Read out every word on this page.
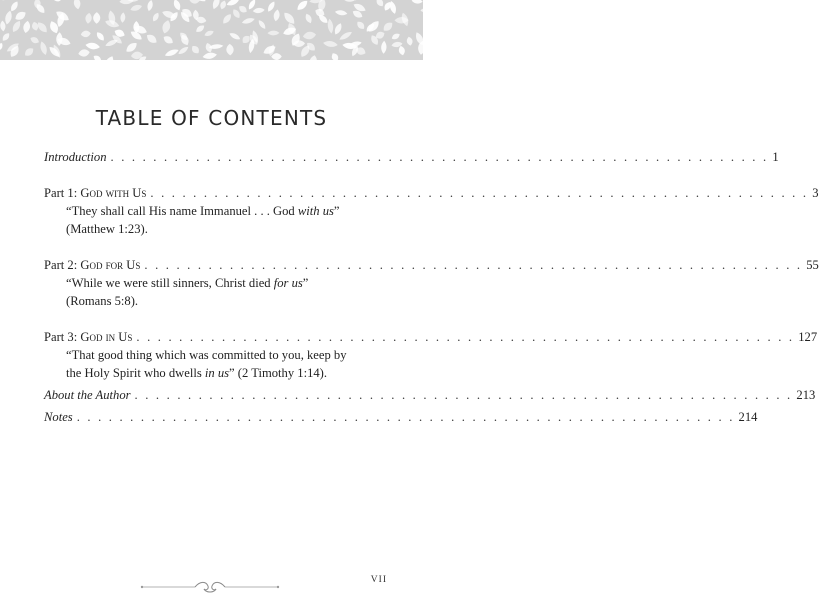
TABLE OF CONTENTS
Introduction . . . . . . . . . . . . . . . . . . . . . . . . . . . . . . . . . . . . . . . . . . . . . . . . . . . . . . . . . . . . . . 1
Part 1: God with Us . . . . . . . . . . . . . . . . . . . . . . . . . . . . . . . . . . . . . . . . . . . . . . . . . . . . . . . . . . . . . . 3
“They shall call His name Immanuel . . . God with us”
(Matthew 1:23).
Part 2: God for Us . . . . . . . . . . . . . . . . . . . . . . . . . . . . . . . . . . . . . . . . . . . . . . . . . . . . . . . . . . . . . . 55
“While we were still sinners, Christ died for us”
(Romans 5:8).
Part 3: God in Us . . . . . . . . . . . . . . . . . . . . . . . . . . . . . . . . . . . . . . . . . . . . . . . . . . . . . . . . . . . . . . 127
“That good thing which was committed to you, keep by
the Holy Spirit who dwells in us” (2 Timothy 1:14).
About the Author . . . . . . . . . . . . . . . . . . . . . . . . . . . . . . . . . . . . . . . . . . . . . . . . . . . . . . . . . . . . . . 213
Notes . . . . . . . . . . . . . . . . . . . . . . . . . . . . . . . . . . . . . . . . . . . . . . . . . . . . . . . . . . . . . . 214
VII
